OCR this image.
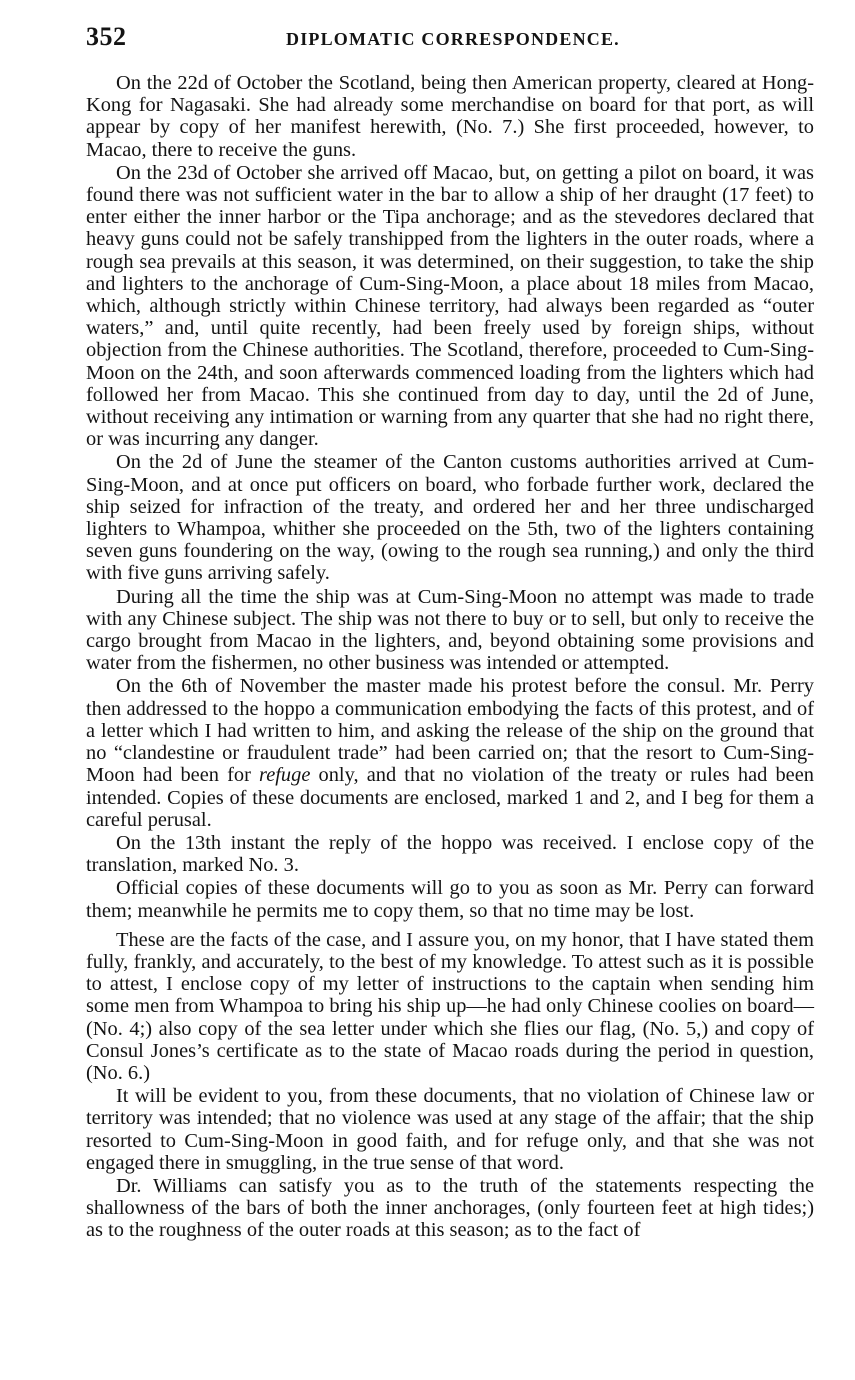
352	DIPLOMATIC CORRESPONDENCE.

On the 22d of October the Scotland, being then American property, cleared at Hong-Kong for Nagasaki. She had already some merchandise on board for that port, as will appear by copy of her manifest herewith, (No. 7.) She first proceeded, however, to Macao, there to receive the guns.

On the 23d of October she arrived off Macao, but, on getting a pilot on board, it was found there was not sufficient water in the bar to allow a ship of her draught (17 feet) to enter either the inner harbor or the Tipa anchorage; and as the stevedores declared that heavy guns could not be safely transhipped from the lighters in the outer roads, where a rough sea prevails at this season, it was determined, on their suggestion, to take the ship and lighters to the anchorage of Cum-Sing-Moon, a place about 18 miles from Macao, which, although strictly within Chinese territory, had always been regarded as “outer waters,” and, until quite recently, had been freely used by foreign ships, without objection from the Chinese authorities. The Scotland, therefore, proceeded to Cum-Sing-Moon on the 24th, and soon afterwards commenced loading from the lighters which had followed her from Macao. This she continued from day to day, until the 2d of June, without receiving any intimation or warning from any quarter that she had no right there, or was incurring any danger.

On the 2d of June the steamer of the Canton customs authorities arrived at Cum-Sing-Moon, and at once put officers on board, who forbade further work, declared the ship seized for infraction of the treaty, and ordered her and her three undischarged lighters to Whampoa, whither she proceeded on the 5th, two of the lighters containing seven guns foundering on the way, (owing to the rough sea running,) and only the third with five guns arriving safely.

During all the time the ship was at Cum-Sing-Moon no attempt was made to trade with any Chinese subject. The ship was not there to buy or to sell, but only to receive the cargo brought from Macao in the lighters, and, beyond obtaining some provisions and water from the fishermen, no other business was intended or attempted.

On the 6th of November the master made his protest before the consul. Mr. Perry then addressed to the hoppo a communication embodying the facts of this protest, and of a letter which I had written to him, and asking the release of the ship on the ground that no “clandestine or fraudulent trade” had been carried on; that the resort to Cum-Sing-Moon had been for refuge only, and that no violation of the treaty or rules had been intended. Copies of these documents are enclosed, marked 1 and 2, and I beg for them a careful perusal.

On the 13th instant the reply of the hoppo was received. I enclose copy of the translation, marked No. 3.

Official copies of these documents will go to you as soon as Mr. Perry can forward them; meanwhile he permits me to copy them, so that no time may be lost.

These are the facts of the case, and I assure you, on my honor, that I have stated them fully, frankly, and accurately, to the best of my knowledge. To attest such as it is possible to attest, I enclose copy of my letter of instructions to the captain when sending him some men from Whampoa to bring his ship up—he had only Chinese coolies on board—(No. 4;) also copy of the sea letter under which she flies our flag, (No. 5,) and copy of Consul Jones’s certificate as to the state of Macao roads during the period in question, (No. 6.)

It will be evident to you, from these documents, that no violation of Chinese law or territory was intended; that no violence was used at any stage of the affair; that the ship resorted to Cum-Sing-Moon in good faith, and for refuge only, and that she was not engaged there in smuggling, in the true sense of that word.

Dr. Williams can satisfy you as to the truth of the statements respecting the shallowness of the bars of both the inner anchorages, (only fourteen feet at high tides;) as to the roughness of the outer roads at this season; as to the fact of
